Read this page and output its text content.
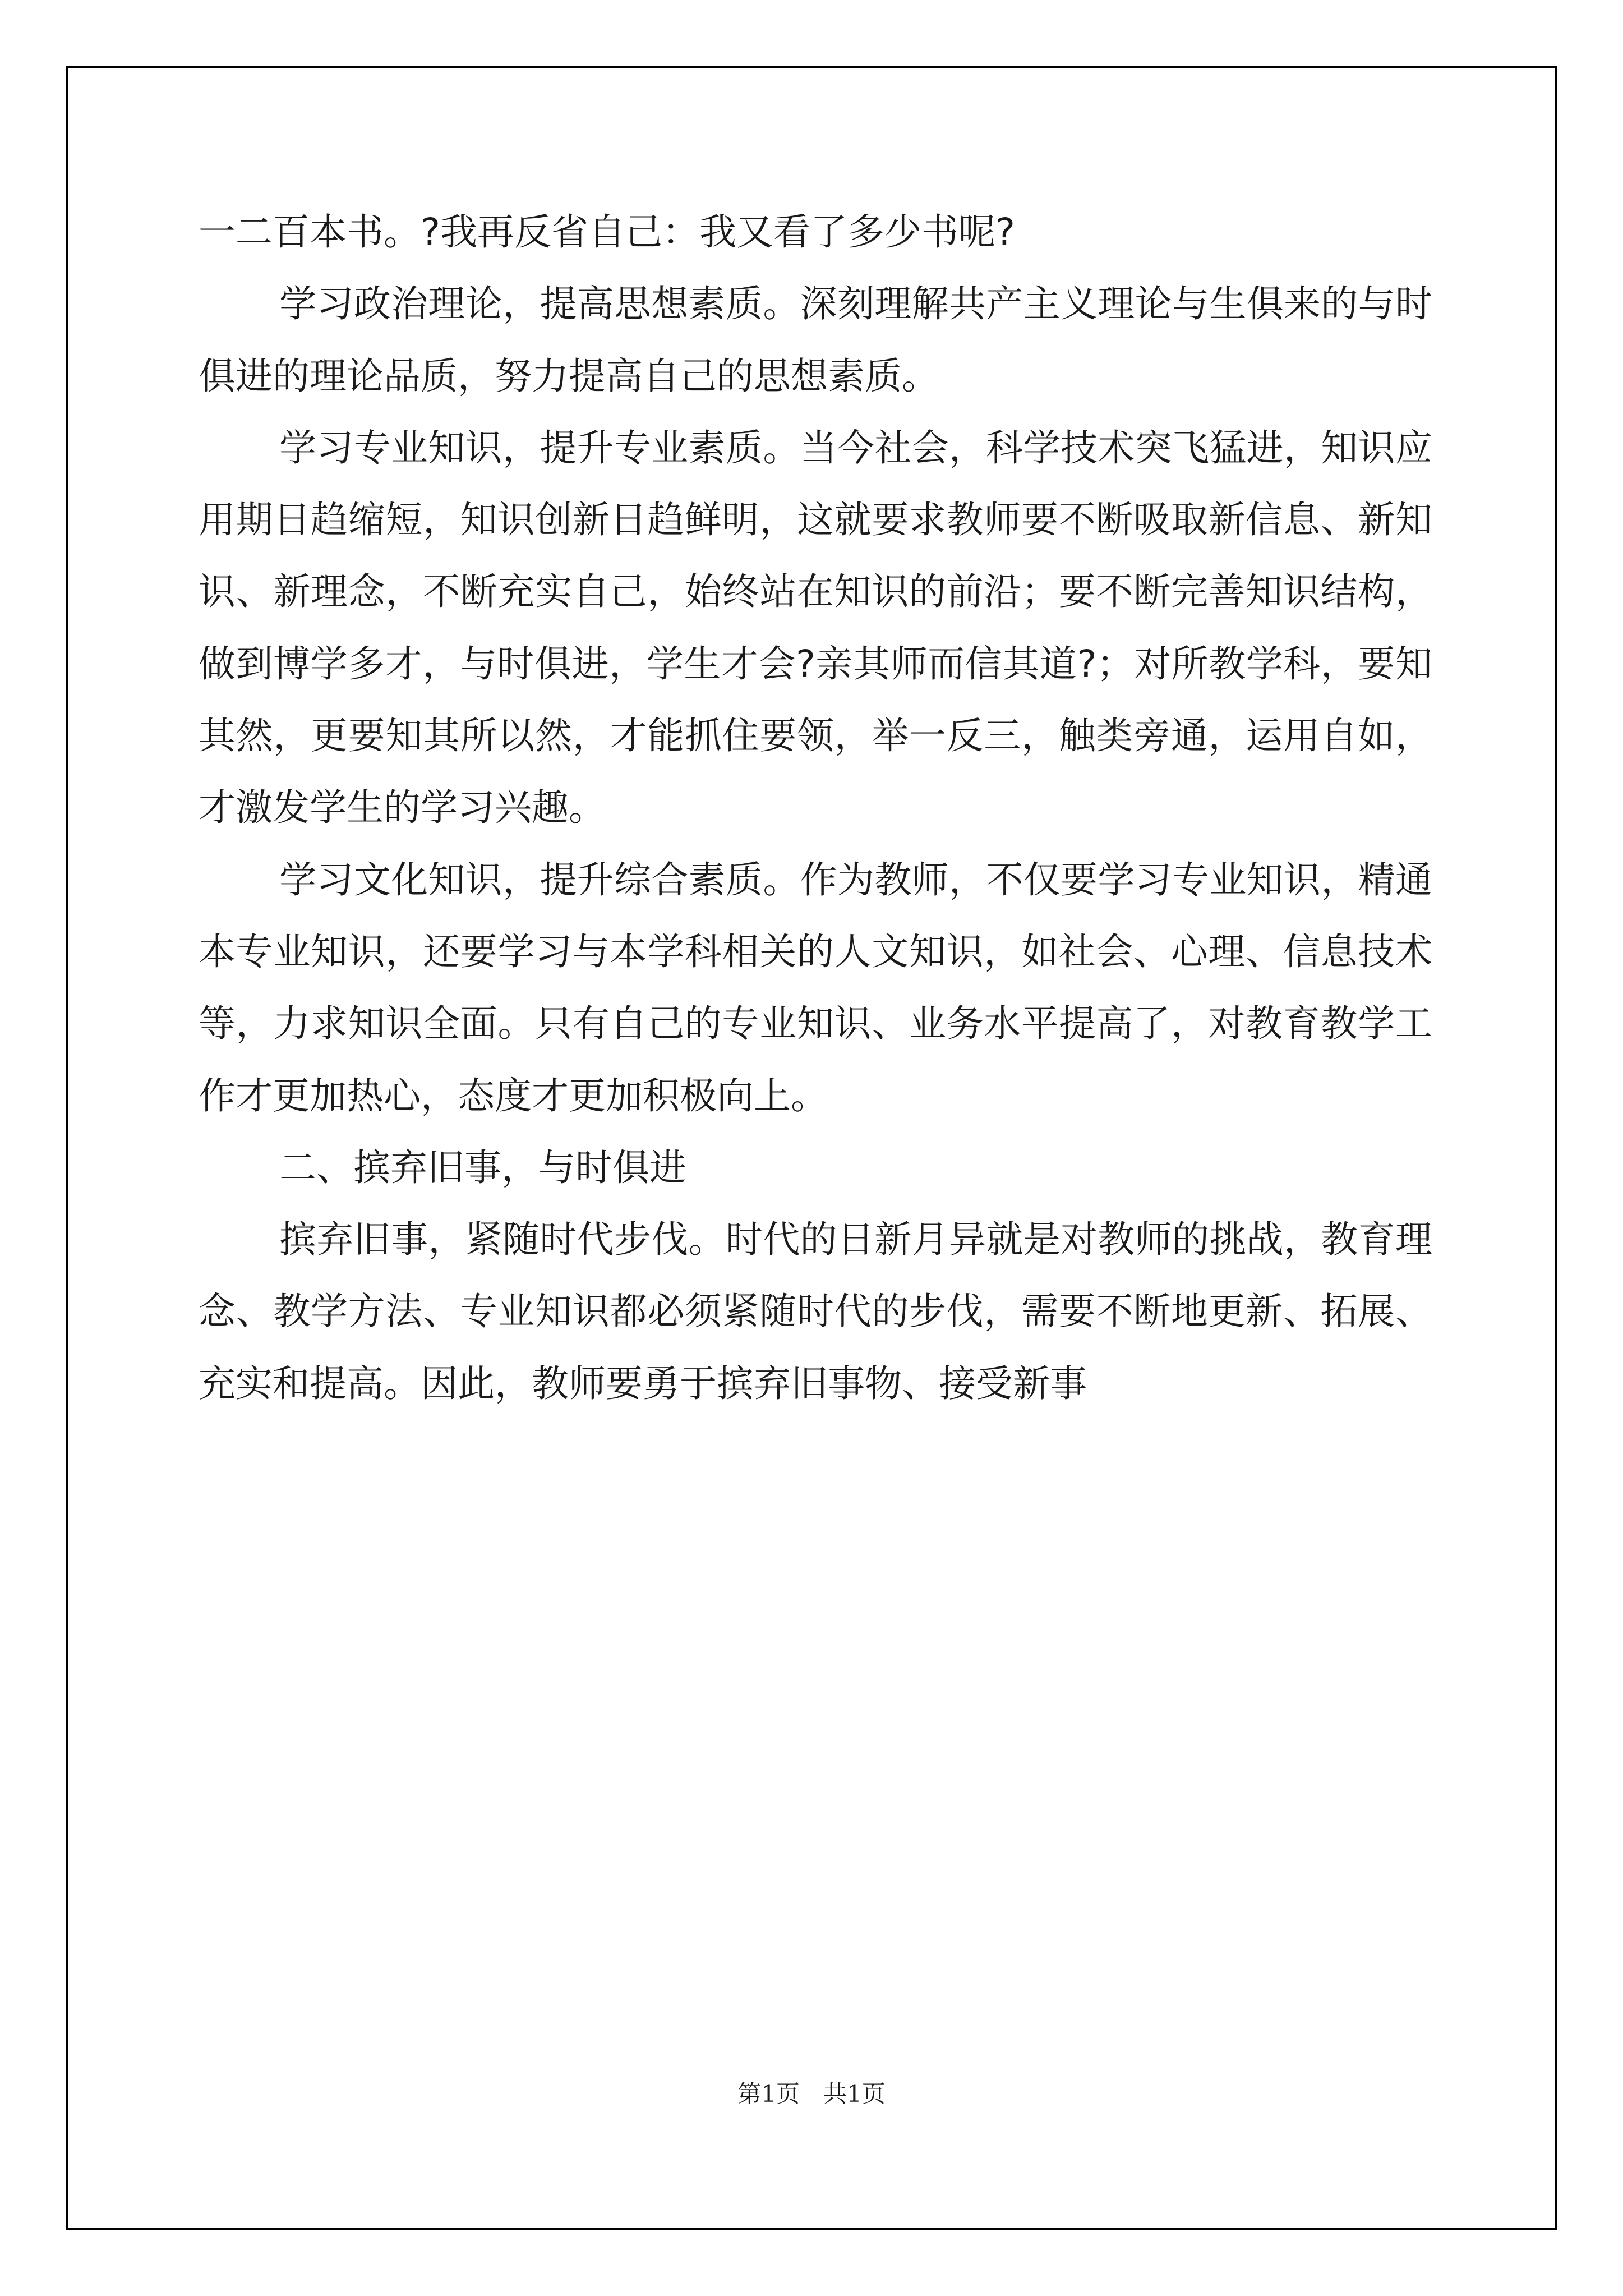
一二百本书。?我再反省自己：我又看了多少书呢?

学习政治理论，提高思想素质。深刻理解共产主义理论与生俱来的与时俱进的理论品质，努力提高自己的思想素质。

学习专业知识，提升专业素质。当今社会，科学技术突飞猛进，知识应用期日趋缩短，知识创新日趋鲜明，这就要求教师要不断吸取新信息、新知识、新理念，不断充实自己，始终站在知识的前沿；要不断完善知识结构，做到博学多才，与时俱进，学生才会?亲其师而信其道?；对所教学科，要知其然，更要知其所以然，才能抓住要领，举一反三，触类旁通，运用自如，才激发学生的学习兴趣。

学习文化知识，提升综合素质。作为教师，不仅要学习专业知识，精通本专业知识，还要学习与本学科相关的人文知识，如社会、心理、信息技术等，力求知识全面。只有自己的专业知识、业务水平提高了，对教育教学工作才更加热心，态度才更加积极向上。

二、摈弃旧事，与时俱进

摈弃旧事，紧随时代步伐。时代的日新月异就是对教师的挑战，教育理念、教学方法、专业知识都必须紧随时代的步伐，需要不断地更新、拓展、充实和提高。因此，教师要勇于摈弃旧事物、接受新事

第1页　共1页
